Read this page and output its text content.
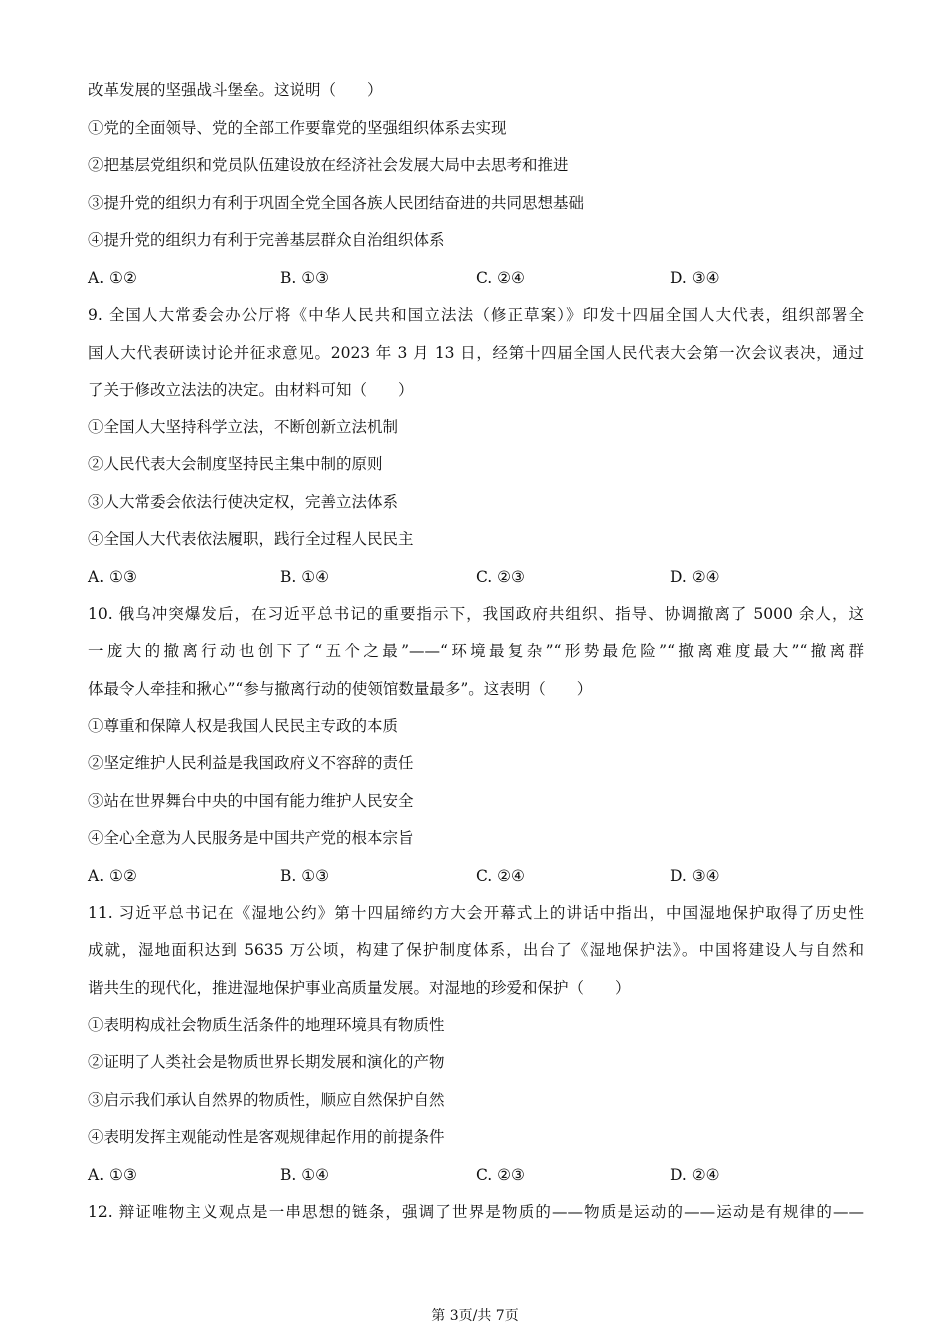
改革发展的坚强战斗堡垒。这说明（　　）
①党的全面领导、党的全部工作要靠党的坚强组织体系去实现
②把基层党组织和党员队伍建设放在经济社会发展大局中去思考和推进
③提升党的组织力有利于巩固全党全国各族人民团结奋进的共同思想基础
④提升党的组织力有利于完善基层群众自治组织体系
A. ①②	B. ①③	C. ②④	D. ③④
9. 全国人大常委会办公厅将《中华人民共和国立法法（修正草案）》印发十四届全国人大代表，组织部署全
国人大代表研读讨论并征求意见。2023 年 3 月 13 日，经第十四届全国人民代表大会第一次会议表决，通过
了关于修改立法法的决定。由材料可知（　　）
①全国人大坚持科学立法，不断创新立法机制
②人民代表大会制度坚持民主集中制的原则
③人大常委会依法行使决定权，完善立法体系
④全国人大代表依法履职，践行全过程人民民主
A. ①③	B. ①④	C. ②③	D. ②④
10. 俄乌冲突爆发后，在习近平总书记的重要指示下，我国政府共组织、指导、协调撤离了 5000 余人，这
一庞大的撤离行动也创下了“五个之最”——“环境最复杂”“形势最危险”“撤离难度最大”“撤离群
体最令人牵挂和揪心”“参与撤离行动的使领馆数量最多”。这表明（　　）
①尊重和保障人权是我国人民民主专政的本质
②坚定维护人民利益是我国政府义不容辞的责任
③站在世界舞台中央的中国有能力维护人民安全
④全心全意为人民服务是中国共产党的根本宗旨
A. ①②	B. ①③	C. ②④	D. ③④
11. 习近平总书记在《湿地公约》第十四届缔约方大会开幕式上的讲话中指出，中国湿地保护取得了历史性
成就，湿地面积达到 5635 万公顷，构建了保护制度体系，出台了《湿地保护法》。中国将建设人与自然和
谐共生的现代化，推进湿地保护事业高质量发展。对湿地的珍爱和保护（　　）
①表明构成社会物质生活条件的地理环境具有物质性
②证明了人类社会是物质世界长期发展和演化的产物
③启示我们承认自然界的物质性，顺应自然保护自然
④表明发挥主观能动性是客观规律起作用的前提条件
A. ①③	B. ①④	C. ②③	D. ②④
12. 辩证唯物主义观点是一串思想的链条，强调了世界是物质的——物质是运动的——运动是有规律的——
第 3页/共 7页
